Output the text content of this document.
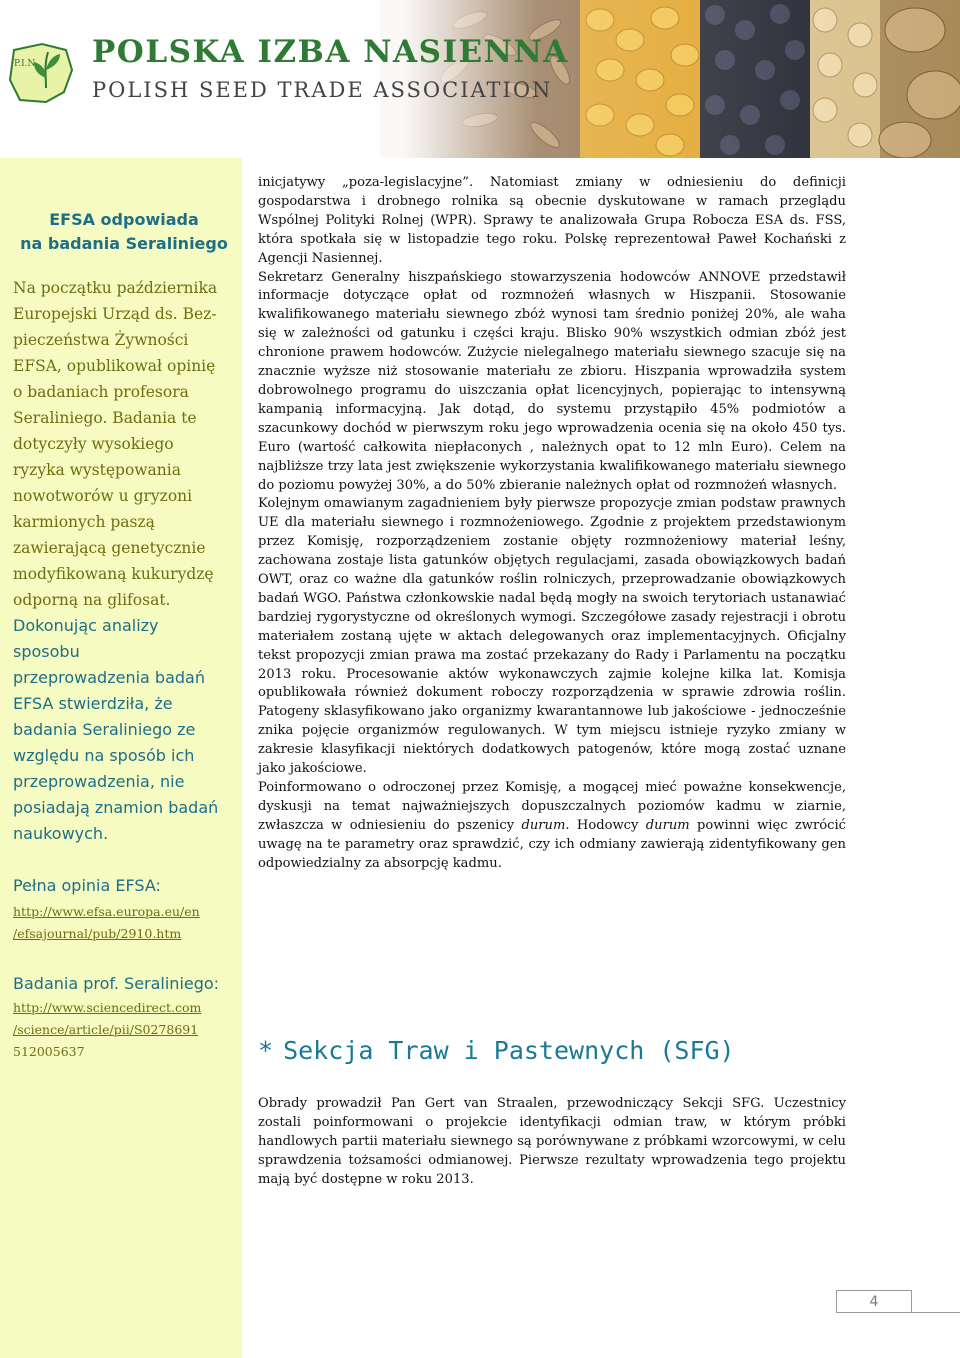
P.I.N. POLSKA IZBA NASIENNA
POLISH SEED TRADE ASSOCIATION
EFSA odpowiada
na badania Seraliniego
Na początku października
Europejski Urząd ds. Bez-
pieczeństwa Żywności
EFSA, opublikował opinię
o badaniach profesora
Seraliniego. Badania te
dotyczyły wysokiego
ryzyka występowania
nowotworów u gryzoni
karmionych paszą
zawierającą genetycznie
modyfikowaną kukurydzę
odporną na glifosat.
Dokonując analizy
sposobu
przeprowadzenia badań
EFSA stwierdziła, że
badania Seraliniego ze
względu na sposób ich
przeprowadzenia, nie
posiadają znamion badań
naukowych.
Pełna opinia EFSA:
http://www.efsa.europa.eu/en
/efsajournal/pub/2910.htm
Badania prof. Seraliniego:
http://www.sciencedirect.com
/science/article/pii/S0278691
512005637

inicjatywy „poza-legislacyjne”. Natomiast zmiany w odniesieniu do definicji gospodarstwa i drobnego rolnika są obecnie dyskutowane w ramach przeglądu Wspólnej Polityki Rolnej (WPR). Sprawy te analizowała Grupa Robocza ESA ds. FSS, która spotkała się w listopadzie tego roku. Polskę reprezentował Paweł Kochański z Agencji Nasiennej.

Sekretarz Generalny hiszpańskiego stowarzyszenia hodowców ANNOVE przedstawił informacje dotyczące opłat od rozmnożeń własnych w Hiszpanii. Stosowanie kwalifikowanego materiału siewnego zbóż wynosi tam średnio poniżej 20%, ale waha się w zależności od gatunku i części kraju. Blisko 90% wszystkich odmian zbóż jest chronione prawem hodowców. Zużycie nielegalnego materiału siewnego szacuje się na znacznie wyższe niż stosowanie materiału ze zbioru. Hiszpania wprowadziła system dobrowolnego programu do uiszczania opłat licencyjnych, popierając to intensywną kampanią informacyjną. Jak dotąd, do systemu przystąpiło 45% podmiotów a szacunkowy dochód w pierwszym roku jego wprowadzenia ocenia się na około 450 tys. Euro (wartość całkowita niepłaconych , należnych opat to 12 mln Euro). Celem na najbliższe trzy lata jest zwiększenie wykorzystania kwalifikowanego materiału siewnego do poziomu powyżej 30%, a do 50% zbieranie należnych opłat od rozmnożeń własnych.

Kolejnym omawianym zagadnieniem były pierwsze propozycje zmian podstaw prawnych UE dla materiału siewnego i rozmnożeniowego. Zgodnie z projektem przedstawionym przez Komisję, rozporządzeniem zostanie objęty rozmnożeniowy materiał leśny, zachowana zostaje lista gatunków objętych regulacjami, zasada obowiązkowych badań OWT, oraz co ważne dla gatunków roślin rolniczych, przeprowadzanie obowiązkowych badań WGO. Państwa członkowskie nadal będą mogły na swoich terytoriach ustanawiać bardziej rygorystyczne od określonych wymogi. Szczegółowe zasady rejestracji i obrotu materiałem zostaną ujęte w aktach delegowanych oraz implementacyjnych. Oficjalny tekst propozycji zmian prawa ma zostać przekazany do Rady i Parlamentu na początku 2013 roku. Procesowanie aktów wykonawczych zajmie kolejne kilka lat. Komisja opublikowała również dokument roboczy rozporządzenia w sprawie zdrowia roślin. Patogeny sklasyfikowano jako organizmy kwarantannowe lub jakościowe - jednocześnie znika pojęcie organizmów regulowanych. W tym miejscu istnieje ryzyko zmiany w zakresie klasyfikacji niektórych dodatkowych patogenów, które mogą zostać uznane jako jakościowe.

Poinformowano o odroczonej przez Komisję, a mogącej mieć poważne konsekwencje, dyskusji na temat najważniejszych dopuszczalnych poziomów kadmu w ziarnie, zwłaszcza w odniesieniu do pszenicy durum. Hodowcy durum powinni więc zwrócić uwagę na te parametry oraz sprawdzić, czy ich odmiany zawierają zidentyfikowany gen odpowiedzialny za absorpcję kadmu.

* Sekcja Traw i Pastewnych (SFG)

Obrady prowadził Pan Gert van Straalen, przewodniczący Sekcji SFG. Uczestnicy zostali poinformowani o projekcie identyfikacji odmian traw, w którym próbki handlowych partii materiału siewnego są porównywane z próbkami wzorcowymi, w celu sprawdzenia tożsamości odmianowej. Pierwsze rezultaty wprowadzenia tego projektu mają być dostępne w roku 2013.

4
